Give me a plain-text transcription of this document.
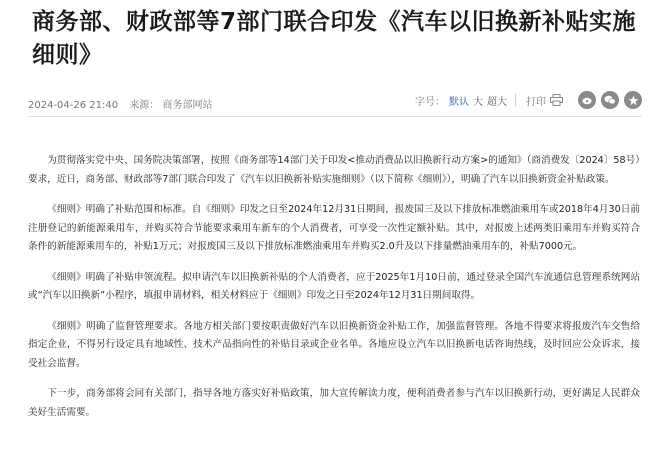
商务部、财政部等7部门联合印发《汽车以旧换新补贴实施细则》
2024-04-26 21:40 来源： 商务部网站	字号： 默认 大 超大 打印

为贯彻落实党中央、国务院决策部署，按照《商务部等14部门关于印发<推动消费品以旧换新行动方案>的通知》（商消费发〔2024〕58号）要求，近日，商务部、财政部等7部门联合印发了《汽车以旧换新补贴实施细则》（以下简称《细则》），明确了汽车以旧换新资金补贴政策。

《细则》明确了补贴范围和标准。自《细则》印发之日至2024年12月31日期间，报废国三及以下排放标准燃油乘用车或2018年4月30日前注册登记的新能源乘用车，并购买符合节能要求乘用车新车的个人消费者，可享受一次性定额补贴。其中，对报废上述两类旧乘用车并购买符合条件的新能源乘用车的，补贴1万元；对报废国三及以下排放标准燃油乘用车并购买2.0升及以下排量燃油乘用车的，补贴7000元。

《细则》明确了补贴申领流程。拟申请汽车以旧换新补贴的个人消费者，应于2025年1月10日前，通过登录全国汽车流通信息管理系统网站或“汽车以旧换新”小程序，填报申请材料，相关材料应于《细则》印发之日至2024年12月31日期间取得。

《细则》明确了监督管理要求。各地方相关部门要按职责做好汽车以旧换新资金补贴工作，加强监督管理。各地不得要求将报废汽车交售给指定企业，不得另行设定具有地域性、技术产品指向性的补贴目录或企业名单。各地应设立汽车以旧换新电话咨询热线，及时回应公众诉求，接受社会监督。

下一步，商务部将会同有关部门，指导各地方落实好补贴政策，加大宣传解读力度，便利消费者参与汽车以旧换新行动，更好满足人民群众美好生活需要。
